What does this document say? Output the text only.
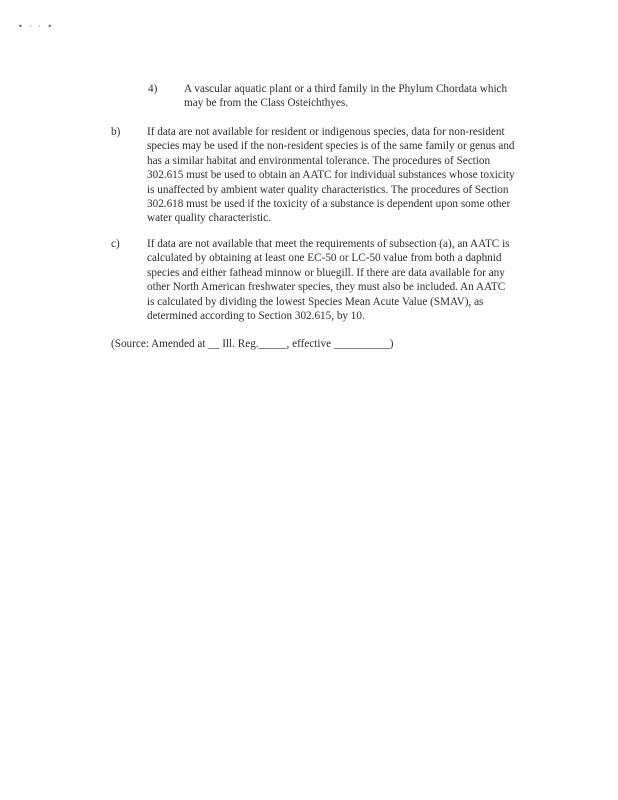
• · · •
4) A vascular aquatic plant or a third family in the Phylum Chordata which
may be from the Class Osteichthyes.
b) If data are not available for resident or indigenous species, data for non-resident
species may be used if the non-resident species is of the same family or genus and
has a similar habitat and environmental tolerance. The procedures of Section
302.615 must be used to obtain an AATC for individual substances whose toxicity
is unaffected by ambient water quality characteristics. The procedures of Section
302.618 must be used if the toxicity of a substance is dependent upon some other
water quality characteristic.
c) If data are not available that meet the requirements of subsection (a), an AATC is
calculated by obtaining at least one EC-50 or LC-50 value from both a daphnid
species and either fathead minnow or bluegill. If there are data available for any
other North American freshwater species, they must also be included. An AATC
is calculated by dividing the lowest Species Mean Acute Value (SMAV), as
determined according to Section 302.615, by 10.
(Source: Amended at __ Ill. Reg._____, effective __________)
